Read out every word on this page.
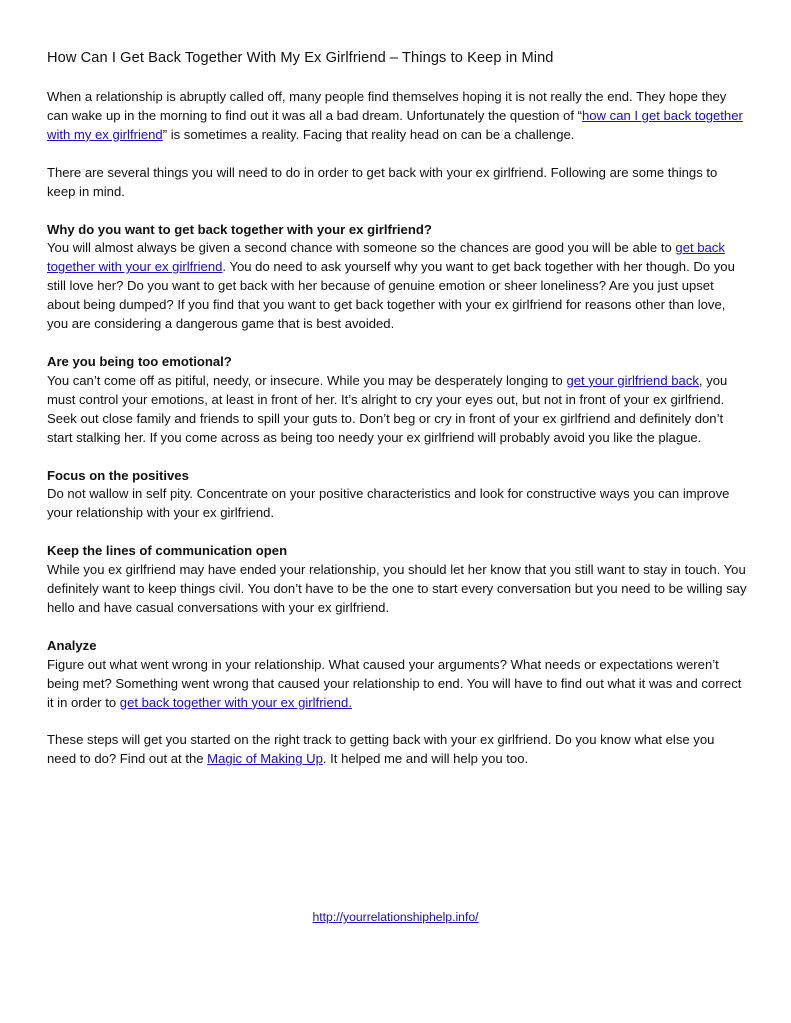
How Can I Get Back Together With My Ex Girlfriend – Things to Keep in Mind

When a relationship is abruptly called off, many people find themselves hoping it is not really the end. They hope they can wake up in the morning to find out it was all a bad dream. Unfortunately the question of “how can I get back together with my ex girlfriend” is sometimes a reality. Facing that reality head on can be a challenge.

There are several things you will need to do in order to get back with your ex girlfriend. Following are some things to keep in mind.

Why do you want to get back together with your ex girlfriend?
You will almost always be given a second chance with someone so the chances are good you will be able to get back together with your ex girlfriend. You do need to ask yourself why you want to get back together with her though. Do you still love her? Do you want to get back with her because of genuine emotion or sheer loneliness? Are you just upset about being dumped? If you find that you want to get back together with your ex girlfriend for reasons other than love, you are considering a dangerous game that is best avoided.

Are you being too emotional?
You can’t come off as pitiful, needy, or insecure. While you may be desperately longing to get your girlfriend back, you must control your emotions, at least in front of her. It’s alright to cry your eyes out, but not in front of your ex girlfriend. Seek out close family and friends to spill your guts to. Don’t beg or cry in front of your ex girlfriend and definitely don’t start stalking her. If you come across as being too needy your ex girlfriend will probably avoid you like the plague.

Focus on the positives
Do not wallow in self pity. Concentrate on your positive characteristics and look for constructive ways you can improve your relationship with your ex girlfriend.

Keep the lines of communication open
While you ex girlfriend may have ended your relationship, you should let her know that you still want to stay in touch. You definitely want to keep things civil. You don’t have to be the one to start every conversation but you need to be willing say hello and have casual conversations with your ex girlfriend.

Analyze
Figure out what went wrong in your relationship. What caused your arguments? What needs or expectations weren’t being met? Something went wrong that caused your relationship to end. You will have to find out what it was and correct it in order to get back together with your ex girlfriend.

These steps will get you started on the right track to getting back with your ex girlfriend. Do you know what else you need to do? Find out at the Magic of Making Up. It helped me and will help you too.

http://yourrelationshiphelp.info/
